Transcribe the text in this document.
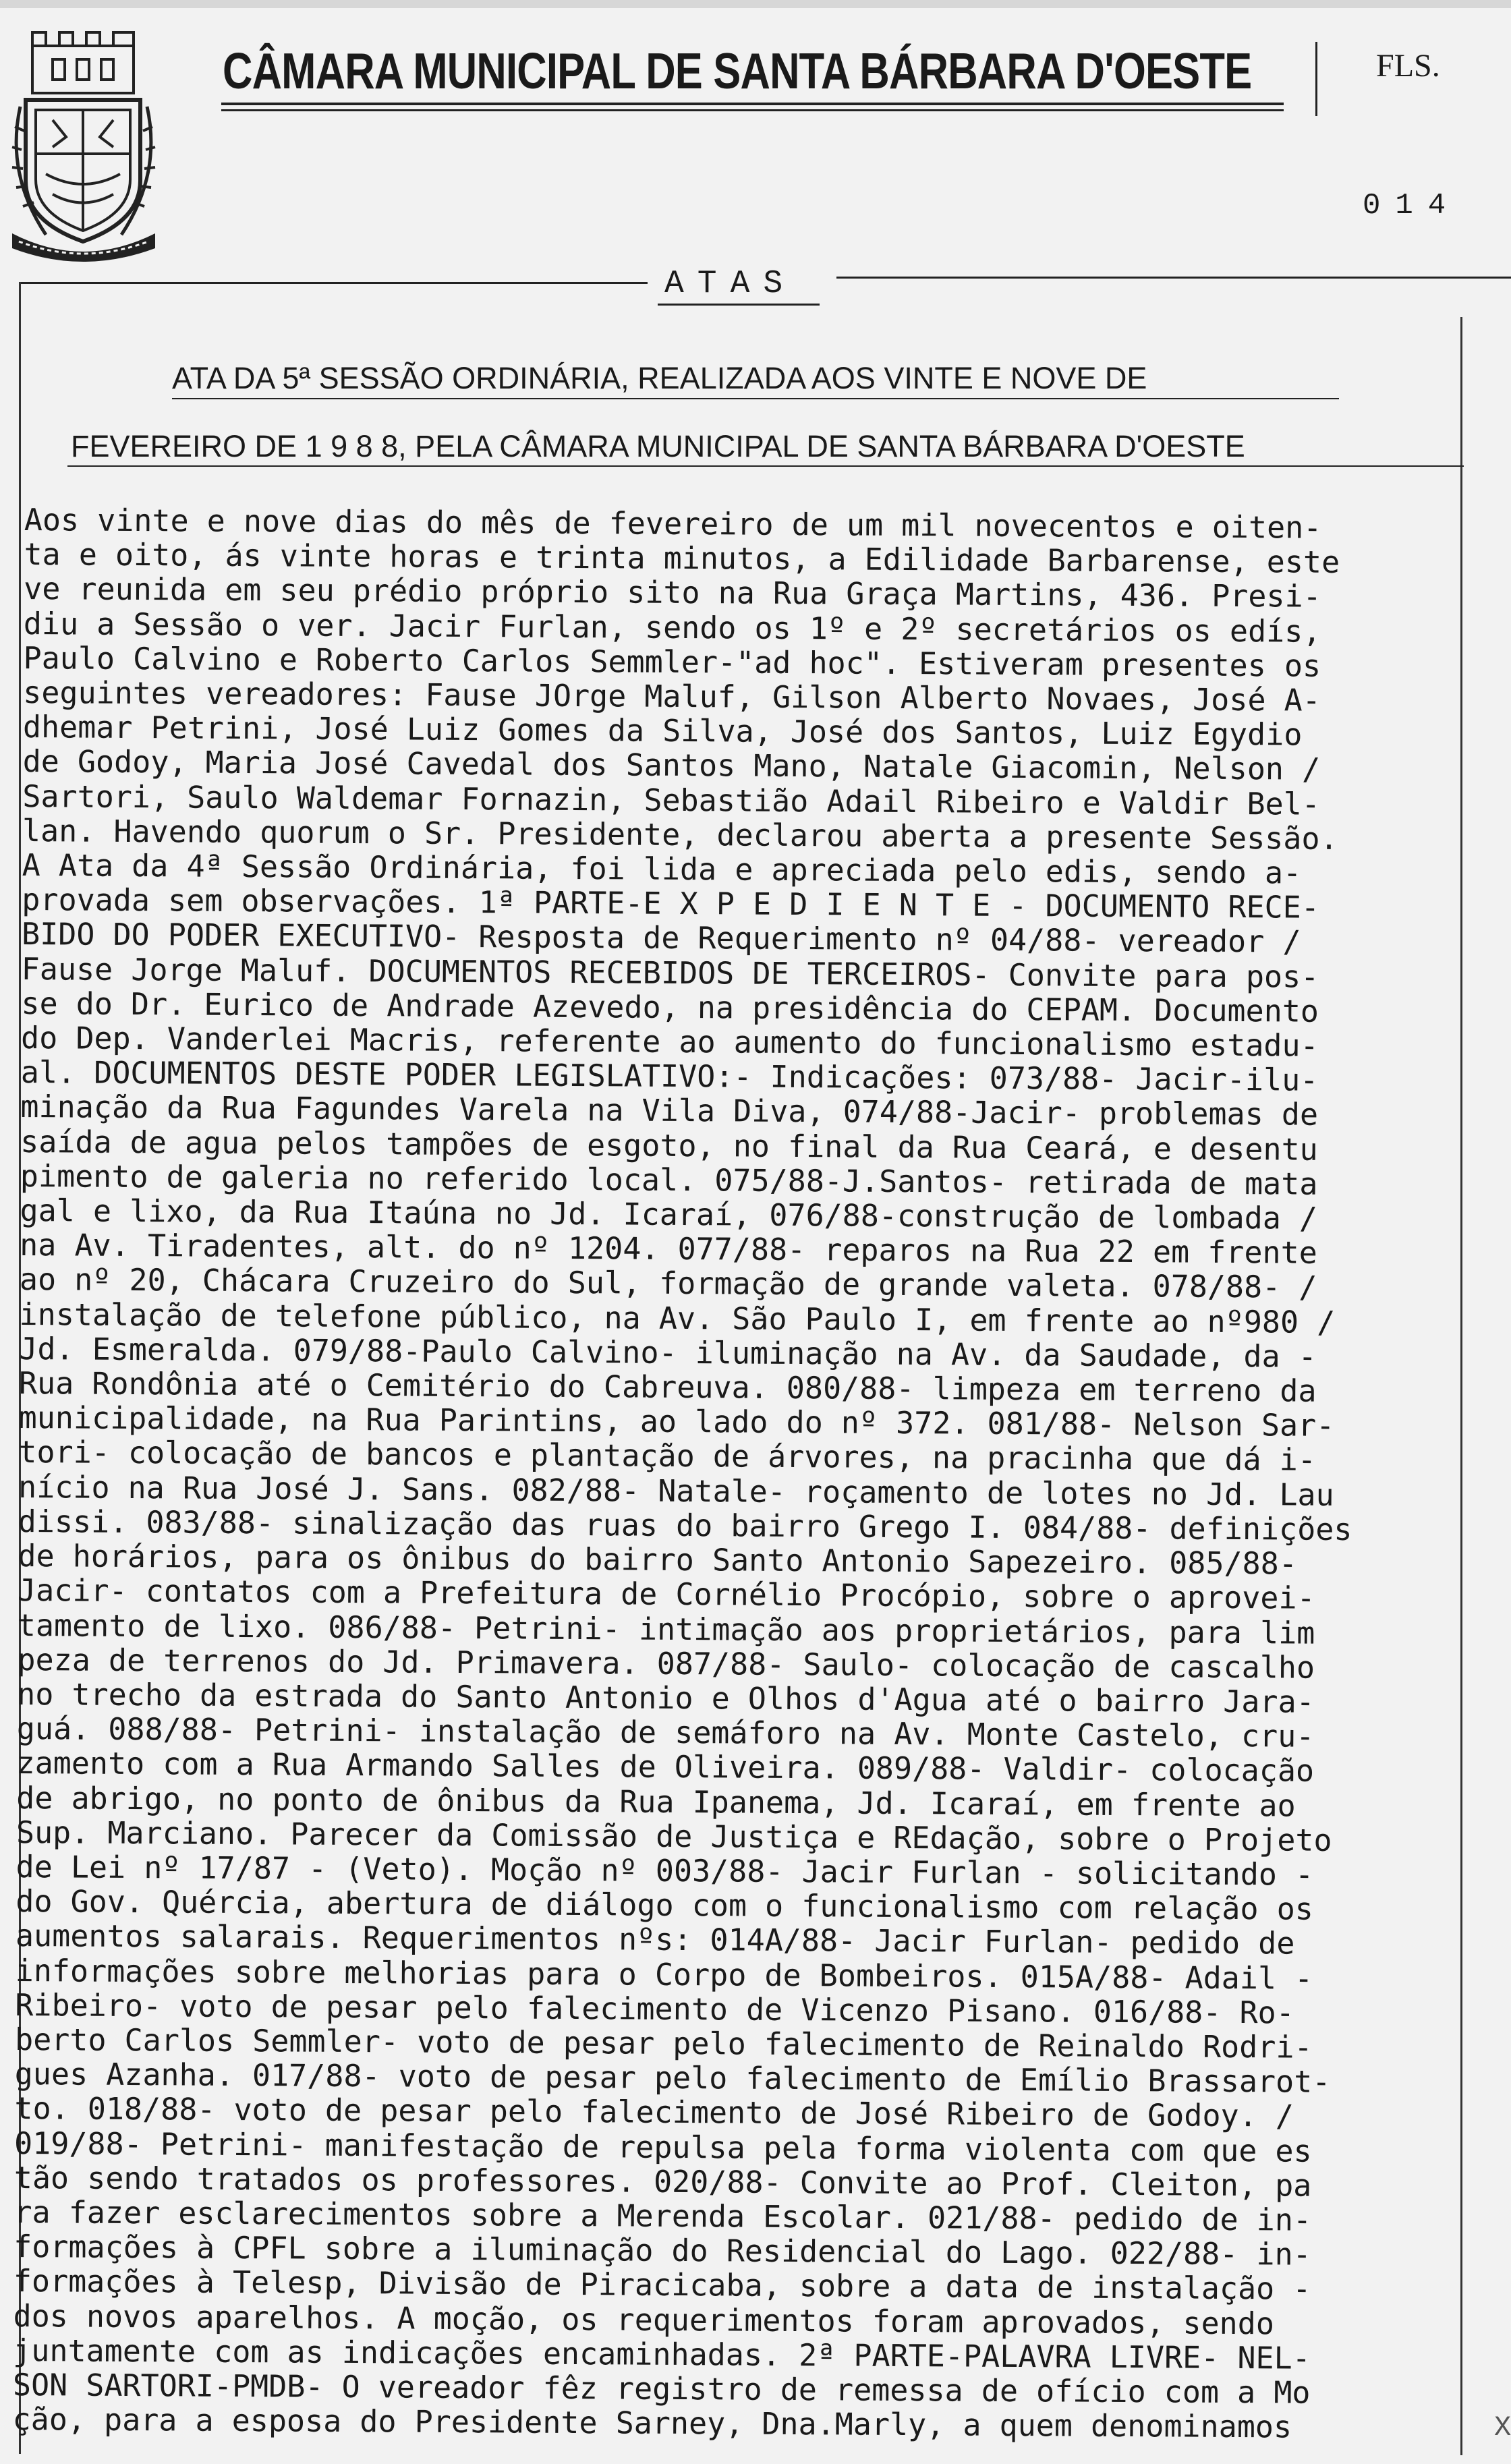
CÂMARA MUNICIPAL DE SANTA BÁRBARA D'OESTE	FLS.
014
ATAS
ATA DA 5ª SESSÃO ORDINÁRIA, REALIZADA AOS VINTE E NOVE DE
FEVEREIRO DE 1 9 8 8, PELA CÂMARA MUNICIPAL DE SANTA BÁRBARA D'OESTE
Aos vinte e nove dias do mês de fevereiro de um mil novecentos e oiten-
ta e oito, ás vinte horas e trinta minutos, a Edilidade Barbarense, este
ve reunida em seu prédio próprio sito na Rua Graça Martins, 436. Presi-
diu a Sessão o ver. Jacir Furlan, sendo os 1º e 2º secretários os edís,
Paulo Calvino e Roberto Carlos Semmler-"ad hoc". Estiveram presentes os
seguintes vereadores: Fause JOrge Maluf, Gilson Alberto Novaes, José A-
dhemar Petrini, José Luiz Gomes da Silva, José dos Santos, Luiz Egydio
de Godoy, Maria José Cavedal dos Santos Mano, Natale Giacomin, Nelson /
Sartori, Saulo Waldemar Fornazin, Sebastião Adail Ribeiro e Valdir Bel-
lan. Havendo quorum o Sr. Presidente, declarou aberta a presente Sessão.
A Ata da 4ª Sessão Ordinária, foi lida e apreciada pelo edis, sendo a-
provada sem observações. 1ª PARTE-E X P E D I E N T E - DOCUMENTO RECE-
BIDO DO PODER EXECUTIVO- Resposta de Requerimento nº 04/88- vereador /
Fause Jorge Maluf. DOCUMENTOS RECEBIDOS DE TERCEIROS- Convite para pos-
se do Dr. Eurico de Andrade Azevedo, na presidência do CEPAM. Documento
do Dep. Vanderlei Macris, referente ao aumento do funcionalismo estadu-
al. DOCUMENTOS DESTE PODER LEGISLATIVO:- Indicações: 073/88- Jacir-ilu-
minação da Rua Fagundes Varela na Vila Diva, 074/88-Jacir- problemas de
saída de agua pelos tampões de esgoto, no final da Rua Ceará, e desentu
pimento de galeria no referido local. 075/88-J.Santos- retirada de mata
gal e lixo, da Rua Itaúna no Jd. Icaraí, 076/88-construção de lombada /
na Av. Tiradentes, alt. do nº 1204. 077/88- reparos na Rua 22 em frente
ao nº 20, Chácara Cruzeiro do Sul, formação de grande valeta. 078/88- /
instalação de telefone público, na Av. São Paulo I, em frente ao nº980 /
Jd. Esmeralda. 079/88-Paulo Calvino- iluminação na Av. da Saudade, da -
Rua Rondônia até o Cemitério do Cabreuva. 080/88- limpeza em terreno da
municipalidade, na Rua Parintins, ao lado do nº 372. 081/88- Nelson Sar-
tori- colocação de bancos e plantação de árvores, na pracinha que dá i-
nício na Rua José J. Sans. 082/88- Natale- roçamento de lotes no Jd. Lau
dissi. 083/88- sinalização das ruas do bairro Grego I. 084/88- definições
de horários, para os ônibus do bairro Santo Antonio Sapezeiro. 085/88-
Jacir- contatos com a Prefeitura de Cornélio Procópio, sobre o aprovei-
tamento de lixo. 086/88- Petrini- intimação aos proprietários, para lim
peza de terrenos do Jd. Primavera. 087/88- Saulo- colocação de cascalho
no trecho da estrada do Santo Antonio e Olhos d'Agua até o bairro Jara-
guá. 088/88- Petrini- instalação de semáforo na Av. Monte Castelo, cru-
zamento com a Rua Armando Salles de Oliveira. 089/88- Valdir- colocação
de abrigo, no ponto de ônibus da Rua Ipanema, Jd. Icaraí, em frente ao
Sup. Marciano. Parecer da Comissão de Justiça e REdação, sobre o Projeto
de Lei nº 17/87 - (Veto). Moção nº 003/88- Jacir Furlan - solicitando -
do Gov. Quércia, abertura de diálogo com o funcionalismo com relação os
aumentos salarais. Requerimentos nºs: 014A/88- Jacir Furlan- pedido de
informações sobre melhorias para o Corpo de Bombeiros. 015A/88- Adail -
Ribeiro- voto de pesar pelo falecimento de Vicenzo Pisano. 016/88- Ro-
berto Carlos Semmler- voto de pesar pelo falecimento de Reinaldo Rodri-
gues Azanha. 017/88- voto de pesar pelo falecimento de Emílio Brassarot-
to. 018/88- voto de pesar pelo falecimento de José Ribeiro de Godoy. /
019/88- Petrini- manifestação de repulsa pela forma violenta com que es
tão sendo tratados os professores. 020/88- Convite ao Prof. Cleiton, pa
ra fazer esclarecimentos sobre a Merenda Escolar. 021/88- pedido de in-
formações à CPFL sobre a iluminação do Residencial do Lago. 022/88- in-
formações à Telesp, Divisão de Piracicaba, sobre a data de instalação -
dos novos aparelhos. A moção, os requerimentos foram aprovados, sendo
juntamente com as indicações encaminhadas. 2ª PARTE-PALAVRA LIVRE- NEL-
SON SARTORI-PMDB- O vereador fêz registro de remessa de ofício com a Mo
ção, para a esposa do Presidente Sarney, Dna.Marly, a quem denominamos	X
